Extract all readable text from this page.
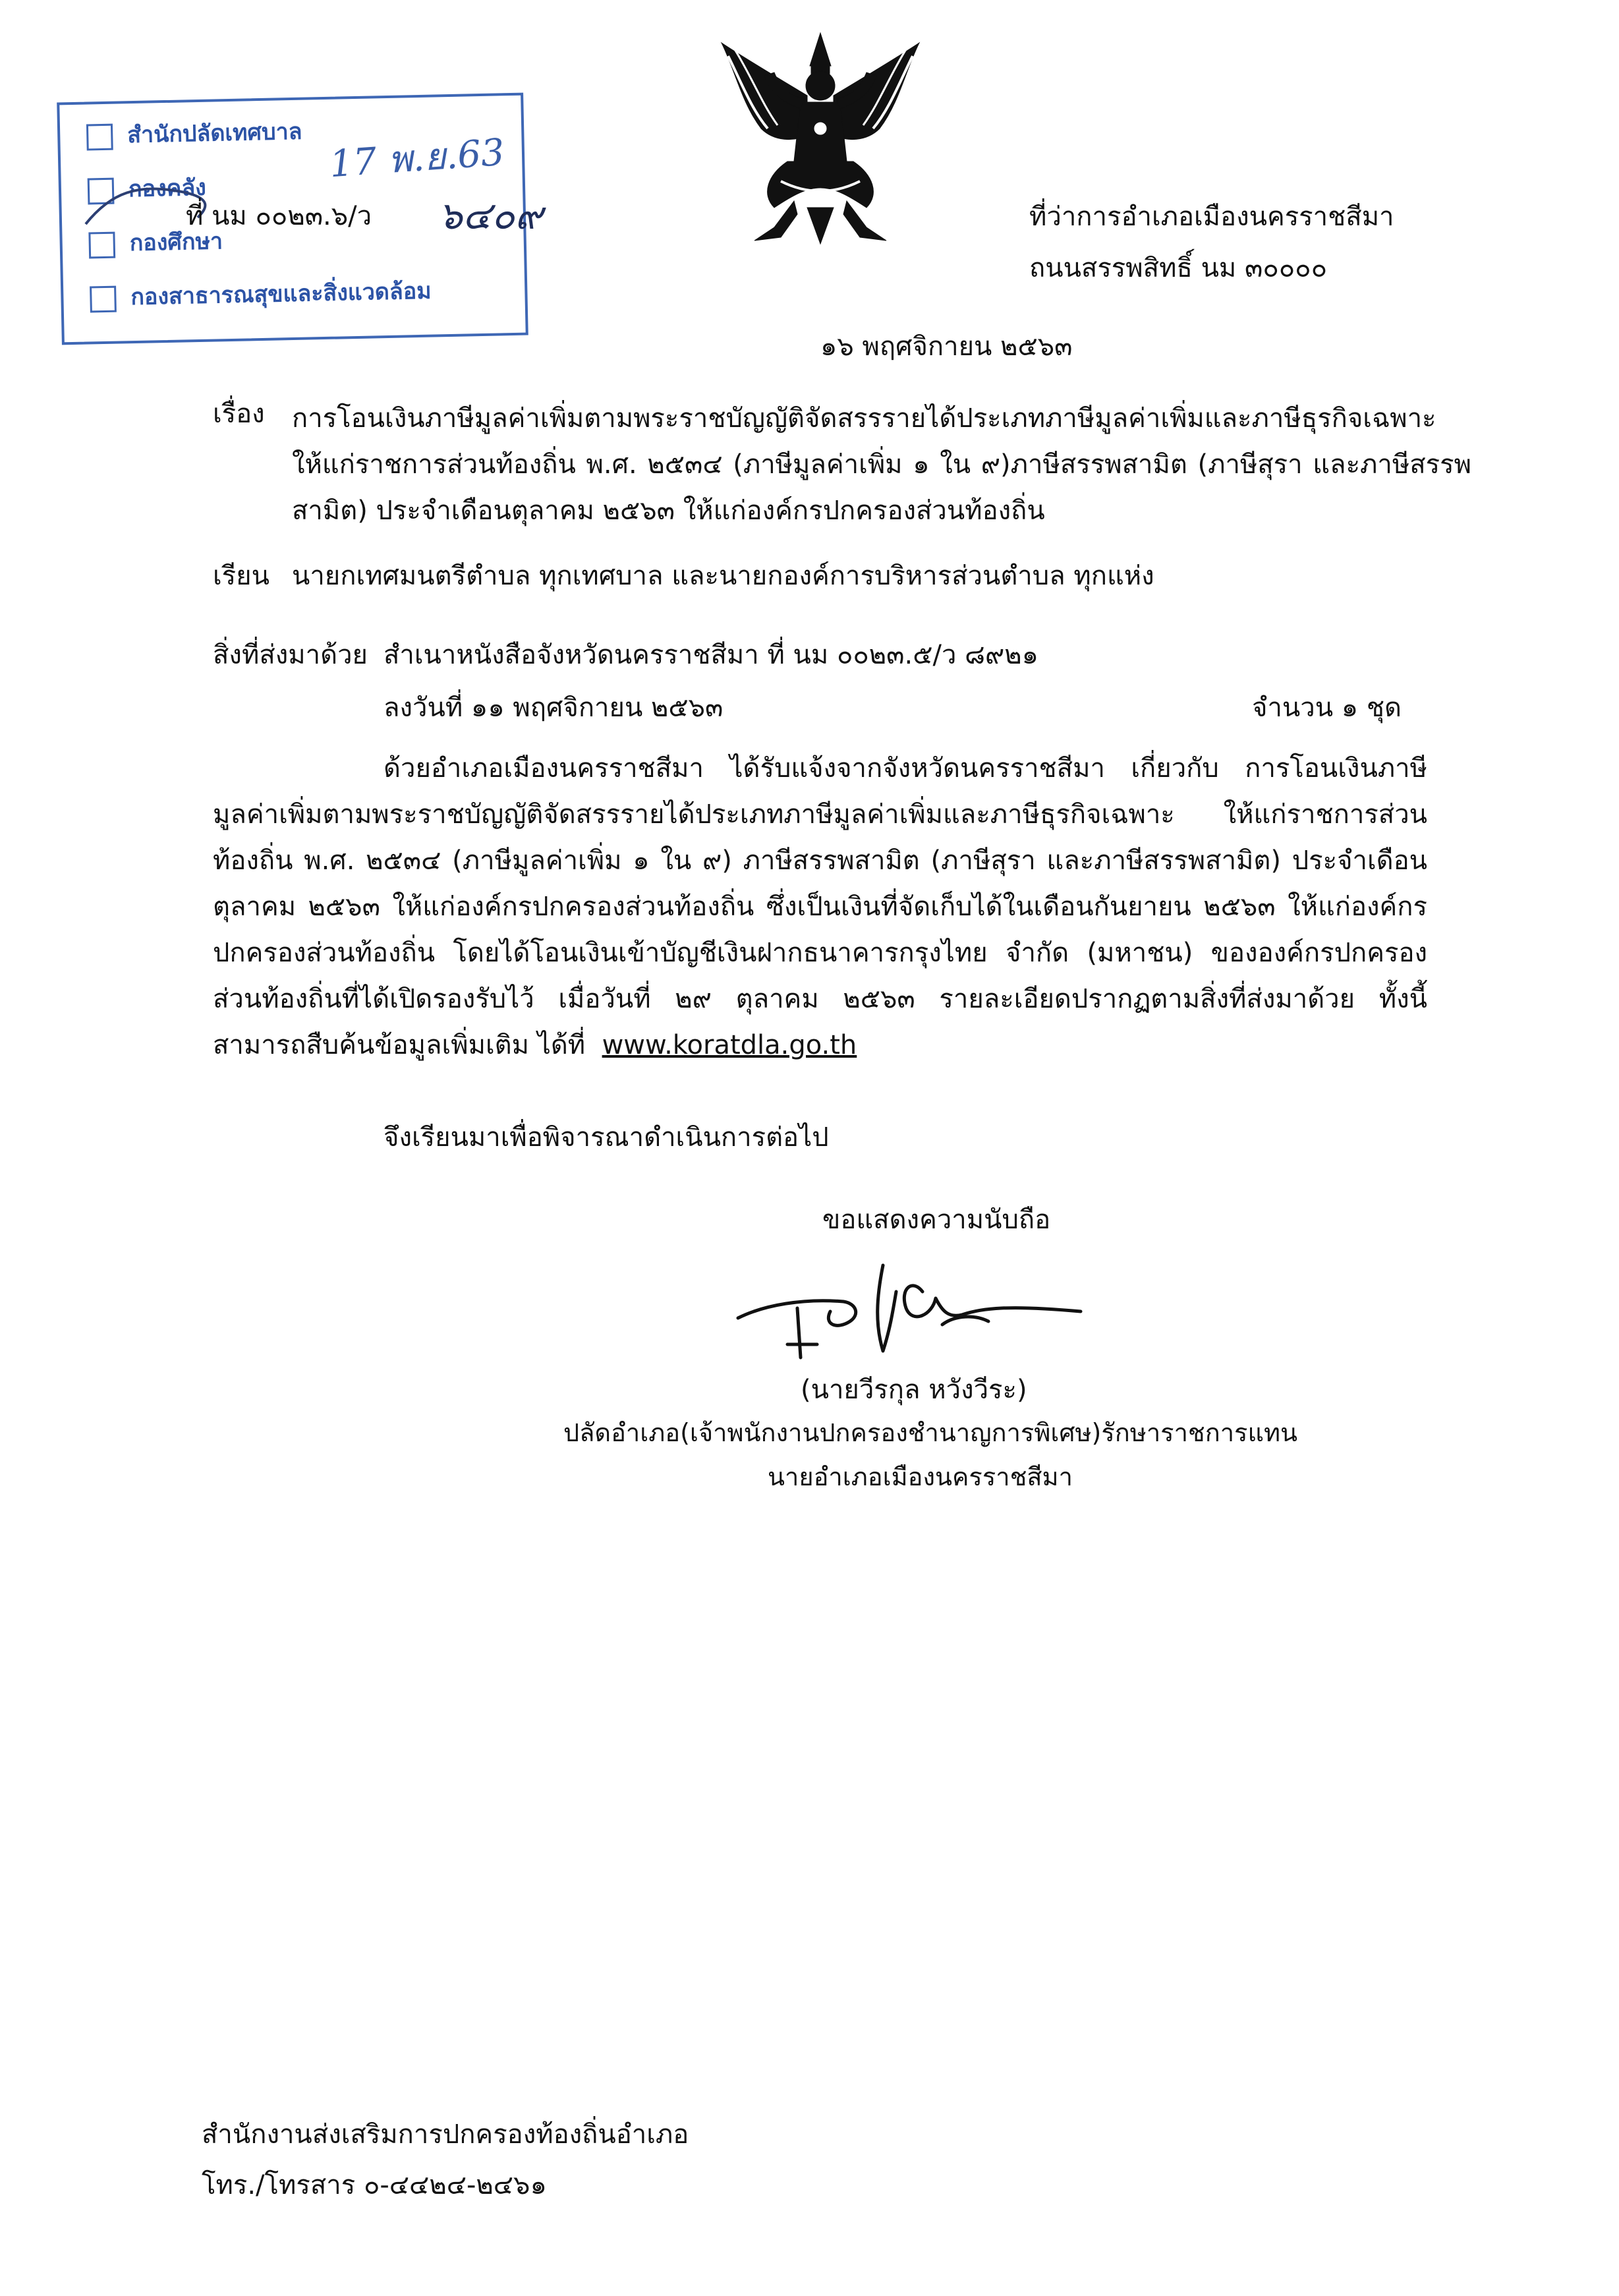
สำนักปลัดเทศบาล
กองคลัง
กองศึกษา
กองสาธารณสุขและสิ่งแวดล้อม
17 พ.ย.63
ที่ นม ๐๐๒๓.๖/ว ๖๔๐๙	ที่ว่าการอำเภอเมืองนครราชสีมา
ถนนสรรพสิทธิ์ นม ๓๐๐๐๐
๑๖ พฤศจิกายน ๒๕๖๓
เรื่อง การโอนเงินภาษีมูลค่าเพิ่มตามพระราชบัญญัติจัดสรรรายได้ประเภทภาษีมูลค่าเพิ่มและภาษีธุรกิจเฉพาะ ให้แก่ราชการส่วนท้องถิ่น พ.ศ. ๒๕๓๔ (ภาษีมูลค่าเพิ่ม ๑ ใน ๙)ภาษีสรรพสามิต (ภาษีสุรา และภาษีสรรพสามิต) ประจำเดือนตุลาคม ๒๕๖๓ ให้แก่องค์กรปกครองส่วนท้องถิ่น
เรียน นายกเทศมนตรีตำบล ทุกเทศบาล และนายกองค์การบริหารส่วนตำบล ทุกแห่ง
สิ่งที่ส่งมาด้วย สำเนาหนังสือจังหวัดนครราชสีมา ที่ นม ๐๐๒๓.๕/ว ๘๙๒๑
ลงวันที่ ๑๑ พฤศจิกายน ๒๕๖๓	จำนวน ๑ ชุด
ด้วยอำเภอเมืองนครราชสีมา ได้รับแจ้งจากจังหวัดนครราชสีมา เกี่ยวกับ การโอนเงินภาษีมูลค่าเพิ่มตามพระราชบัญญัติจัดสรรรายได้ประเภทภาษีมูลค่าเพิ่มและภาษีธุรกิจเฉพาะ ให้แก่ราชการส่วนท้องถิ่น พ.ศ. ๒๕๓๔ (ภาษีมูลค่าเพิ่ม ๑ ใน ๙) ภาษีสรรพสามิต (ภาษีสุรา และภาษีสรรพสามิต) ประจำเดือนตุลาคม ๒๕๖๓ ให้แก่องค์กรปกครองส่วนท้องถิ่น ซึ่งเป็นเงินที่จัดเก็บได้ในเดือนกันยายน ๒๕๖๓ ให้แก่องค์กรปกครองส่วนท้องถิ่น โดยได้โอนเงินเข้าบัญชีเงินฝากธนาคารกรุงไทย จำกัด (มหาชน) ขององค์กรปกครองส่วนท้องถิ่นที่ได้เปิดรองรับไว้ เมื่อวันที่ ๒๙ ตุลาคม ๒๕๖๓ รายละเอียดปรากฏตามสิ่งที่ส่งมาด้วย ทั้งนี้ สามารถสืบค้นข้อมูลเพิ่มเติม ได้ที่ www.koratdla.go.th
จึงเรียนมาเพื่อพิจารณาดำเนินการต่อไป
ขอแสดงความนับถือ
(นายวีรกุล หวังวีระ)
ปลัดอำเภอ(เจ้าพนักงานปกครองชำนาญการพิเศษ)รักษาราชการแทน
นายอำเภอเมืองนครราชสีมา
สำนักงานส่งเสริมการปกครองท้องถิ่นอำเภอ
โทร./โทรสาร ๐-๔๔๒๔-๒๔๖๑
